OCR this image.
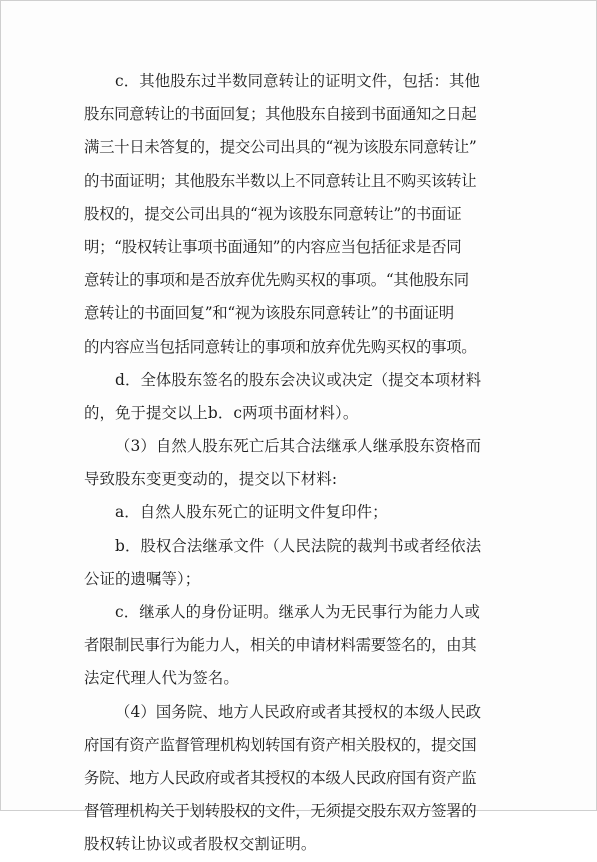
c．其他股东过半数同意转让的证明文件，包括：其他
股东同意转让的书面回复；其他股东自接到书面通知之日起
满三十日未答复的，提交公司出具的“视为该股东同意转让”
的书面证明；其他股东半数以上不同意转让且不购买该转让
股权的，提交公司出具的“视为该股东同意转让”的书面证
明；“股权转让事项书面通知”的内容应当包括征求是否同
意转让的事项和是否放弃优先购买权的事项。“其他股东同
意转让的书面回复”和“视为该股东同意转让”的书面证明
的内容应当包括同意转让的事项和放弃优先购买权的事项。
d．全体股东签名的股东会决议或决定（提交本项材料
的，免于提交以上b．c两项书面材料）。
（3）自然人股东死亡后其合法继承人继承股东资格而
导致股东变更变动的，提交以下材料:
a．自然人股东死亡的证明文件复印件；
b．股权合法继承文件（人民法院的裁判书或者经依法
公证的遗嘱等）；
c．继承人的身份证明。继承人为无民事行为能力人或
者限制民事行为能力人，相关的申请材料需要签名的，由其
法定代理人代为签名。
（4）国务院、地方人民政府或者其授权的本级人民政
府国有资产监督管理机构划转国有资产相关股权的，提交国
务院、地方人民政府或者其授权的本级人民政府国有资产监
督管理机构关于划转股权的文件，无须提交股东双方签署的
股权转让协议或者股权交割证明。
